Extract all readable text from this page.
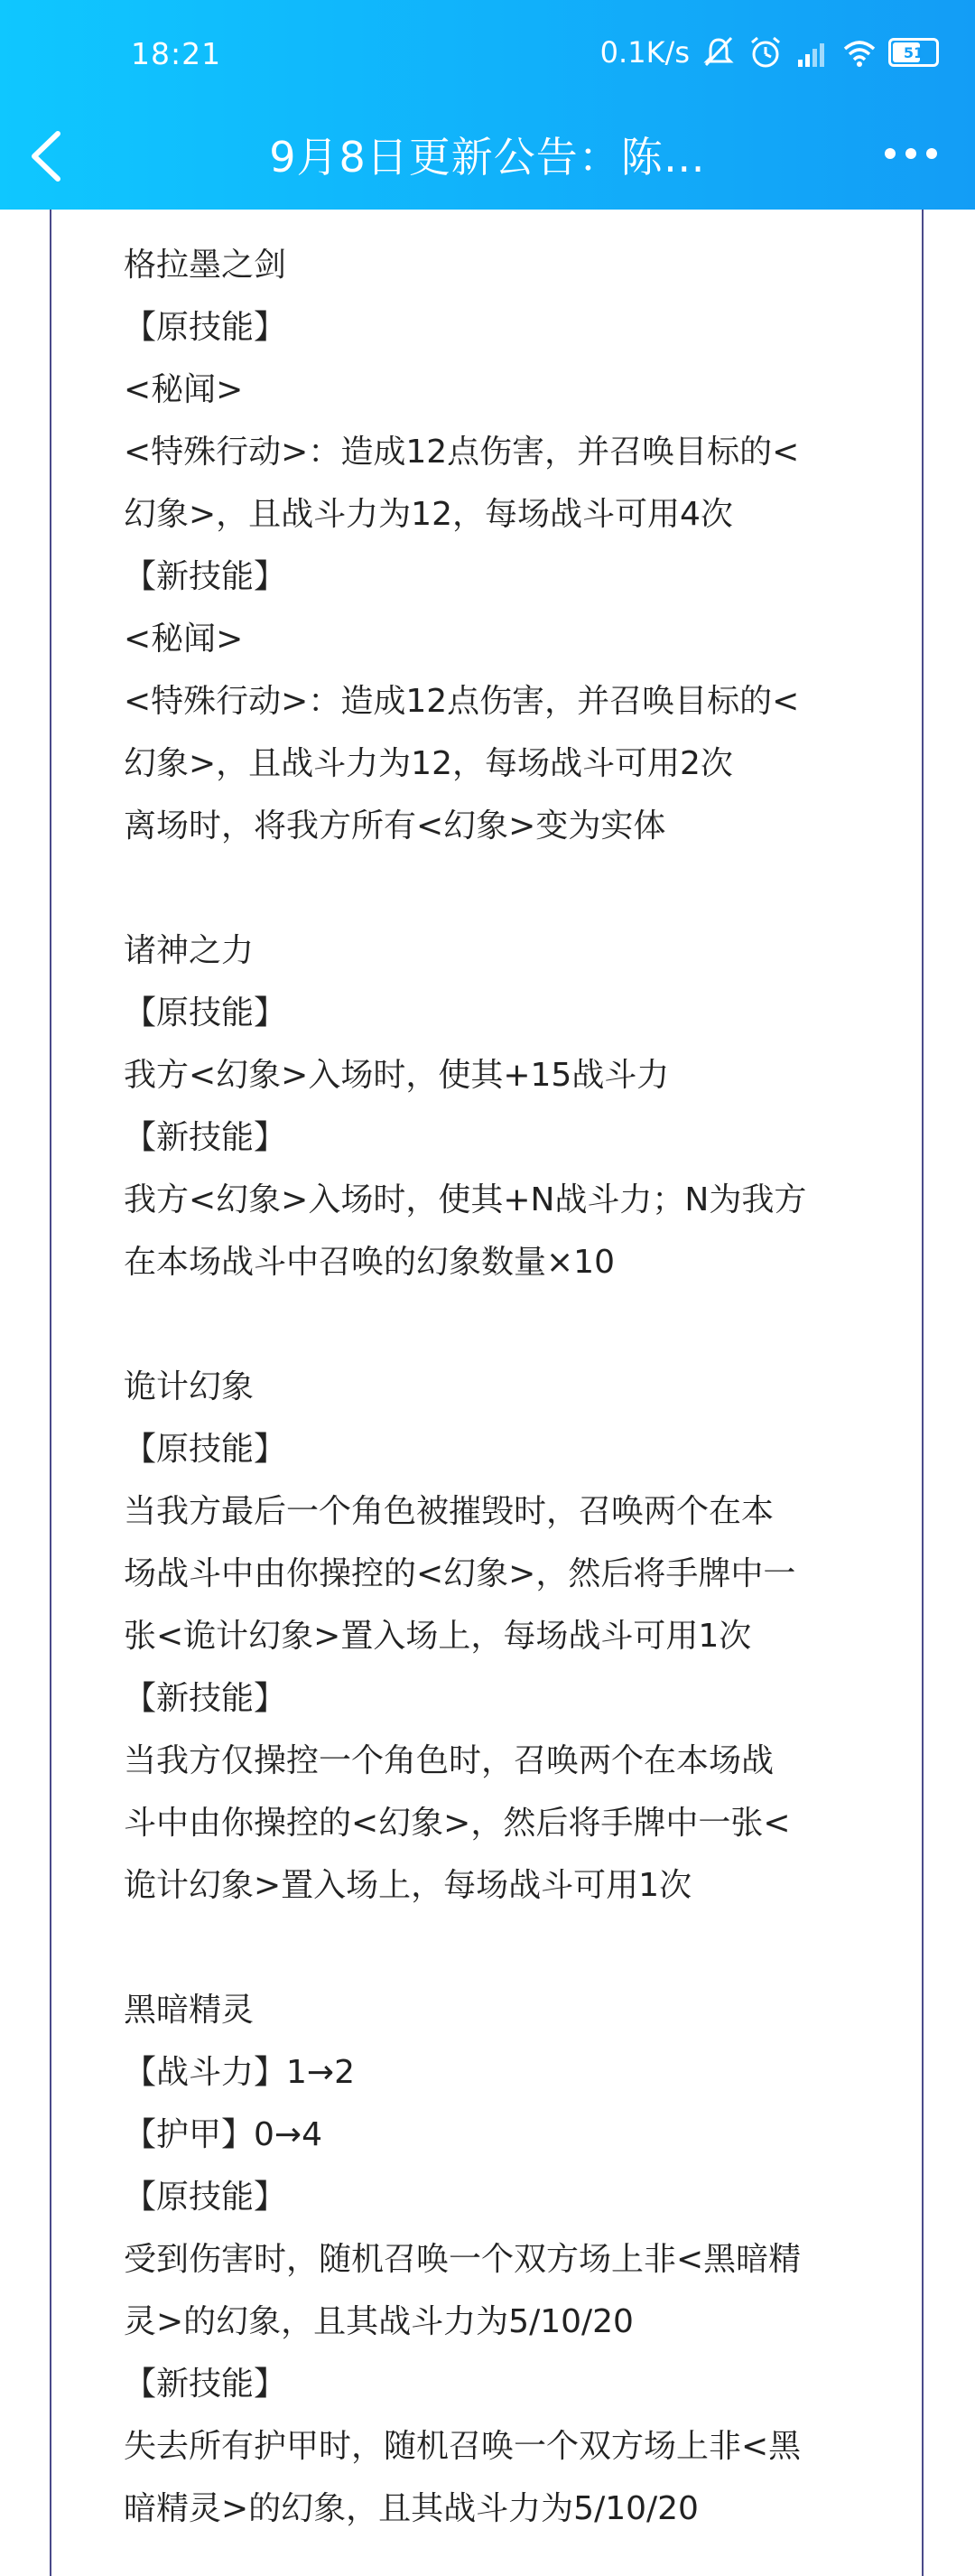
18:21	0.1K/s	51
9月8日更新公告：陈…
格拉墨之剑
【原技能】
<秘闻>
<特殊行动>：造成12点伤害，并召唤目标的<
幻象>，且战斗力为12，每场战斗可用4次
【新技能】
<秘闻>
<特殊行动>：造成12点伤害，并召唤目标的<
幻象>，且战斗力为12，每场战斗可用2次
离场时，将我方所有<幻象>变为实体
诸神之力
【原技能】
我方<幻象>入场时，使其+15战斗力
【新技能】
我方<幻象>入场时，使其+N战斗力；N为我方
在本场战斗中召唤的幻象数量×10
诡计幻象
【原技能】
当我方最后一个角色被摧毁时，召唤两个在本
场战斗中由你操控的<幻象>，然后将手牌中一
张<诡计幻象>置入场上，每场战斗可用1次
【新技能】
当我方仅操控一个角色时，召唤两个在本场战
斗中由你操控的<幻象>，然后将手牌中一张<
诡计幻象>置入场上，每场战斗可用1次
黑暗精灵
【战斗力】1→2
【护甲】0→4
【原技能】
受到伤害时，随机召唤一个双方场上非<黑暗精
灵>的幻象，且其战斗力为5/10/20
【新技能】
失去所有护甲时，随机召唤一个双方场上非<黑
暗精灵>的幻象，且其战斗力为5/10/20
